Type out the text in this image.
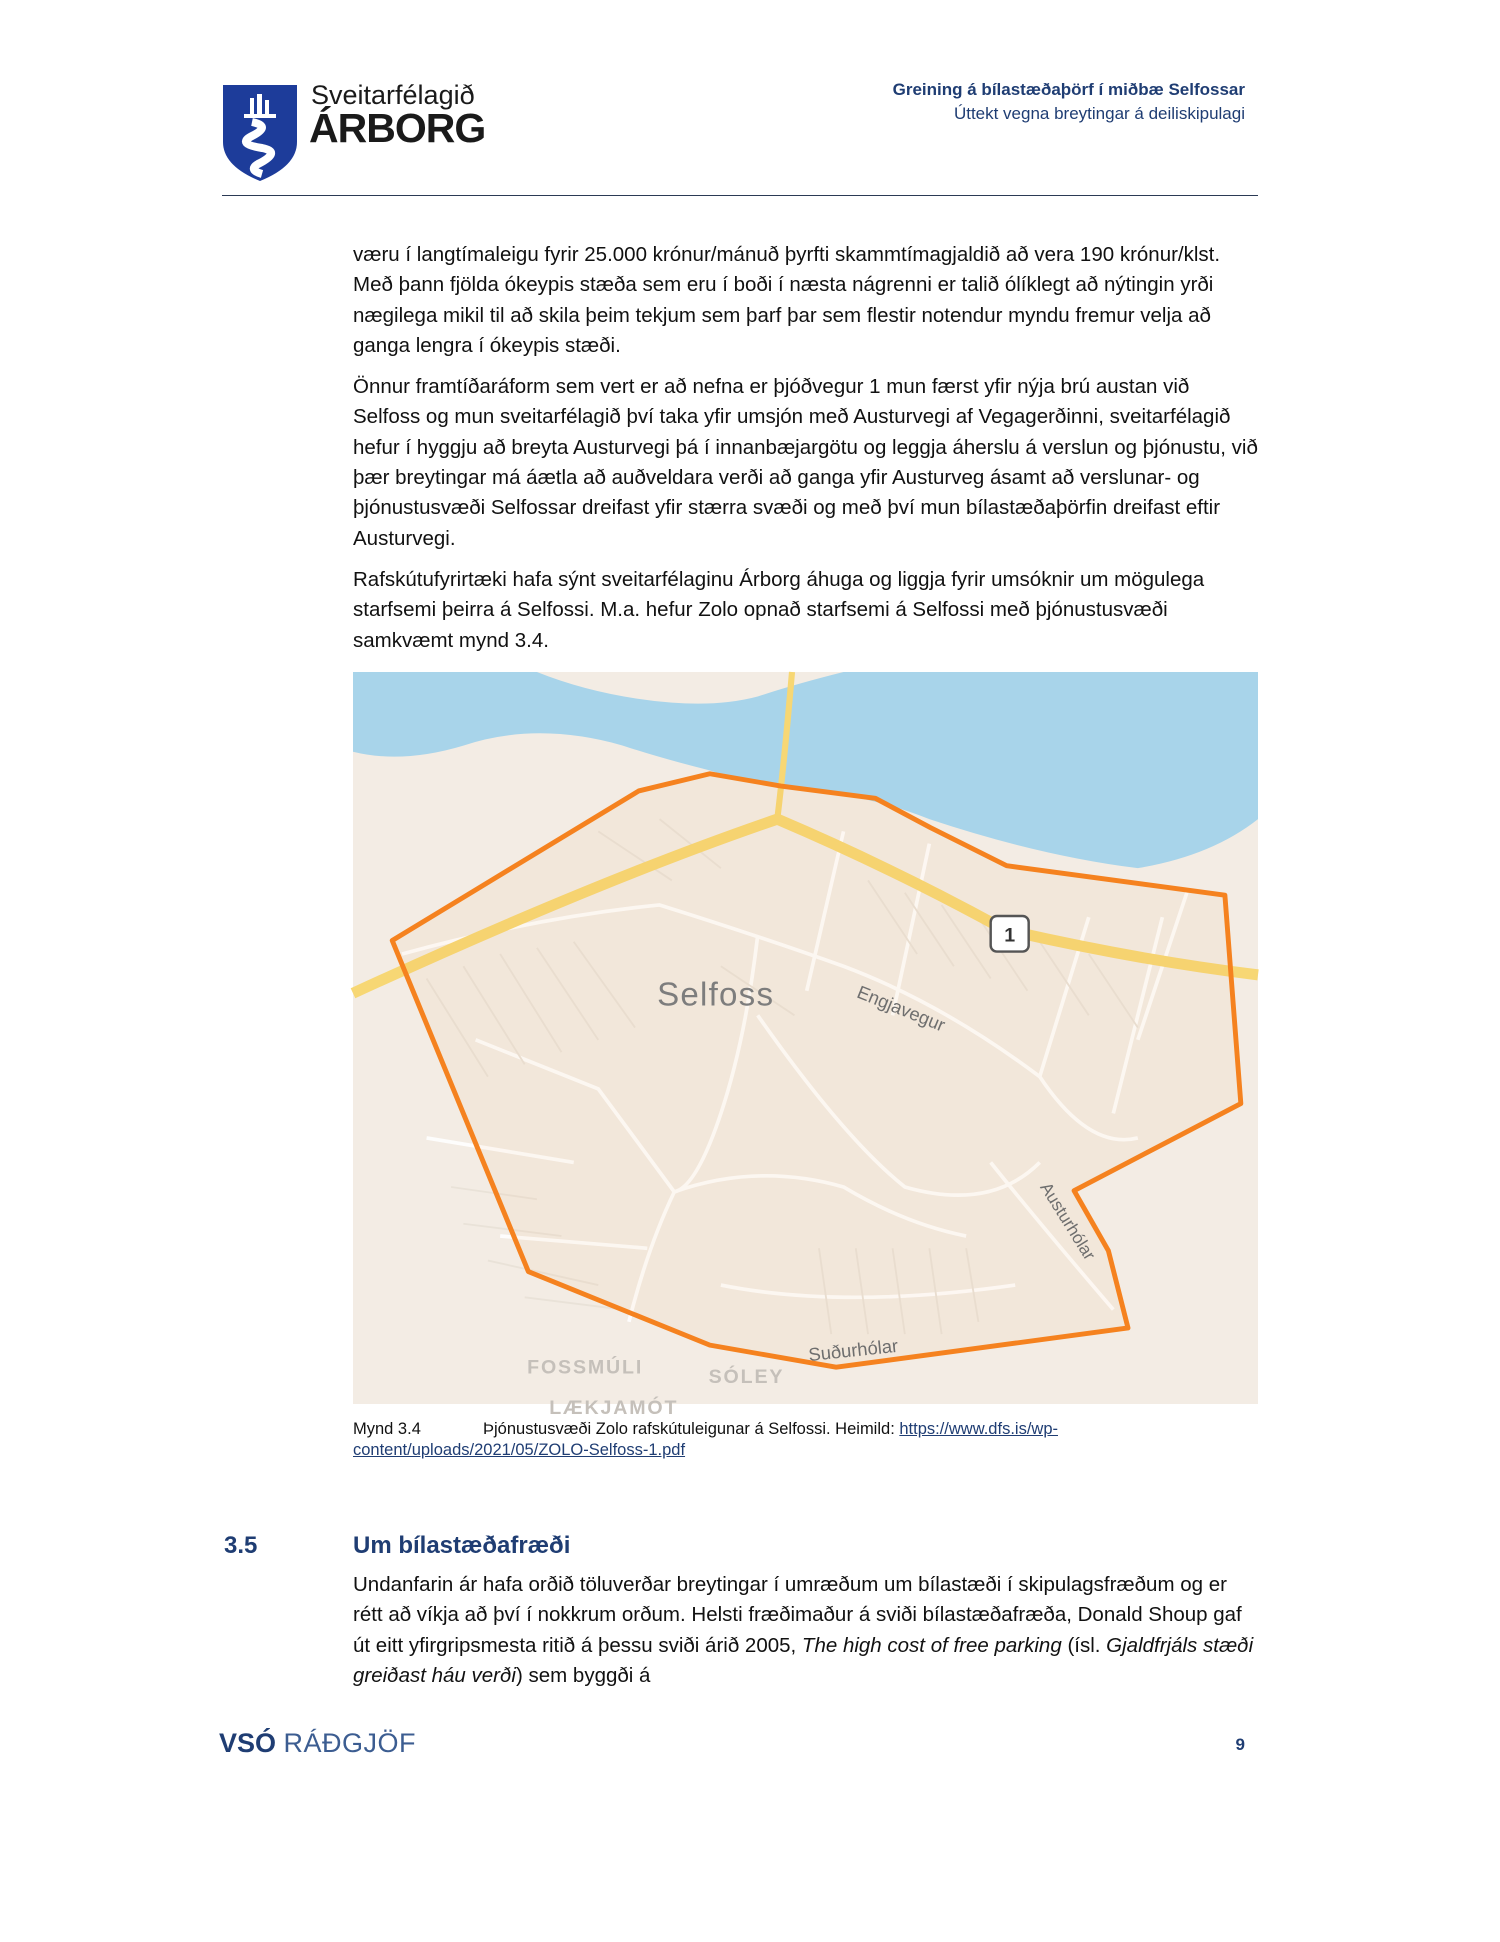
Sveitarfélagið
ÁRBORG
Greining á bílastæðaþörf í miðbæ Selfossar
Úttekt vegna breytingar á deiliskipulagi

væru í langtímaleigu fyrir 25.000 krónur/mánuð þyrfti skammtímagjaldið að vera 190 krónur/klst. Með þann fjölda ókeypis stæða sem eru í boði í næsta nágrenni er talið ólíklegt að nýtingin yrði nægilega mikil til að skila þeim tekjum sem þarf þar sem flestir notendur myndu fremur velja að ganga lengra í ókeypis stæði.

Önnur framtíðaráform sem vert er að nefna er þjóðvegur 1 mun færst yfir nýja brú austan við Selfoss og mun sveitarfélagið því taka yfir umsjón með Austurvegi af Vegagerðinni, sveitarfélagið hefur í hyggju að breyta Austurvegi þá í innanbæjargötu og leggja áherslu á verslun og þjónustu, við þær breytingar má áætla að auðveldara verði að ganga yfir Austurveg ásamt að verslunar- og þjónustusvæði Selfossar dreifast yfir stærra svæði og með því mun bílastæðaþörfin dreifast eftir Austurvegi.

Rafskútufyrirtæki hafa sýnt sveitarfélaginu Árborg áhuga og liggja fyrir umsóknir um mögulega starfsemi þeirra á Selfossi. M.a. hefur Zolo opnað starfsemi á Selfossi með þjónustusvæði samkvæmt mynd 3.4.

Selfoss	Engjavegur
Austurhólar
Suðurhólar
FOSSMÚLI	SÓLEY
LÆKJAMÓT
1
Mynd 3.4	Þjónustusvæði Zolo rafskútuleigunar á Selfossi. Heimild: https://www.dfs.is/wp-content/uploads/2021/05/ZOLO-Selfoss-1.pdf
3.5	Um bílastæðafræði

Undanfarin ár hafa orðið töluverðar breytingar í umræðum um bílastæði í skipulagsfræðum og er rétt að víkja að því í nokkrum orðum. Helsti fræðimaður á sviði bílastæðafræða, Donald Shoup gaf út eitt yfirgripsmesta ritið á þessu sviði árið 2005, The high cost of free parking (ísl. Gjaldfrjáls stæði greiðast háu verði) sem byggði á

VSÓ RÁÐGJÖF	9
